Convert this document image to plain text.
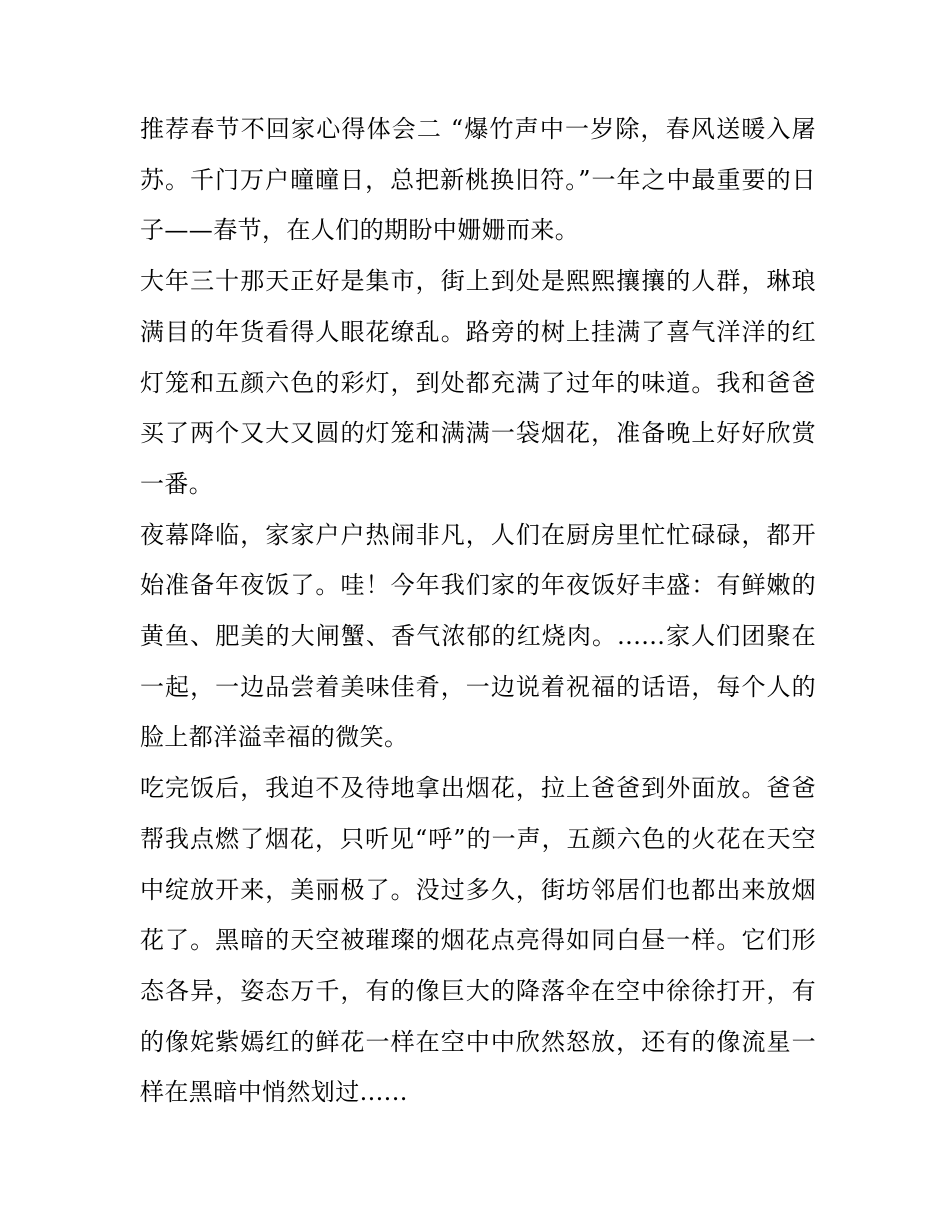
推荐春节不回家心得体会二 “爆竹声中一岁除，春风送暖入屠苏。千门万户曈曈日，总把新桃换旧符。”一年之中最重要的日子——春节，在人们的期盼中姗姗而来。

大年三十那天正好是集市，街上到处是熙熙攘攘的人群，琳琅满目的年货看得人眼花缭乱。路旁的树上挂满了喜气洋洋的红灯笼和五颜六色的彩灯，到处都充满了过年的味道。我和爸爸买了两个又大又圆的灯笼和满满一袋烟花，准备晚上好好欣赏一番。

夜幕降临，家家户户热闹非凡，人们在厨房里忙忙碌碌，都开始准备年夜饭了。哇！今年我们家的年夜饭好丰盛：有鲜嫩的黄鱼、肥美的大闸蟹、香气浓郁的红烧肉。......家人们团聚在一起，一边品尝着美味佳肴，一边说着祝福的话语，每个人的脸上都洋溢幸福的微笑。

吃完饭后，我迫不及待地拿出烟花，拉上爸爸到外面放。爸爸帮我点燃了烟花，只听见“呼”的一声，五颜六色的火花在天空中绽放开来，美丽极了。没过多久，街坊邻居们也都出来放烟花了。黑暗的天空被璀璨的烟花点亮得如同白昼一样。它们形态各异，姿态万千，有的像巨大的降落伞在空中徐徐打开，有的像姹紫嫣红的鲜花一样在空中中欣然怒放，还有的像流星一样在黑暗中悄然划过......
